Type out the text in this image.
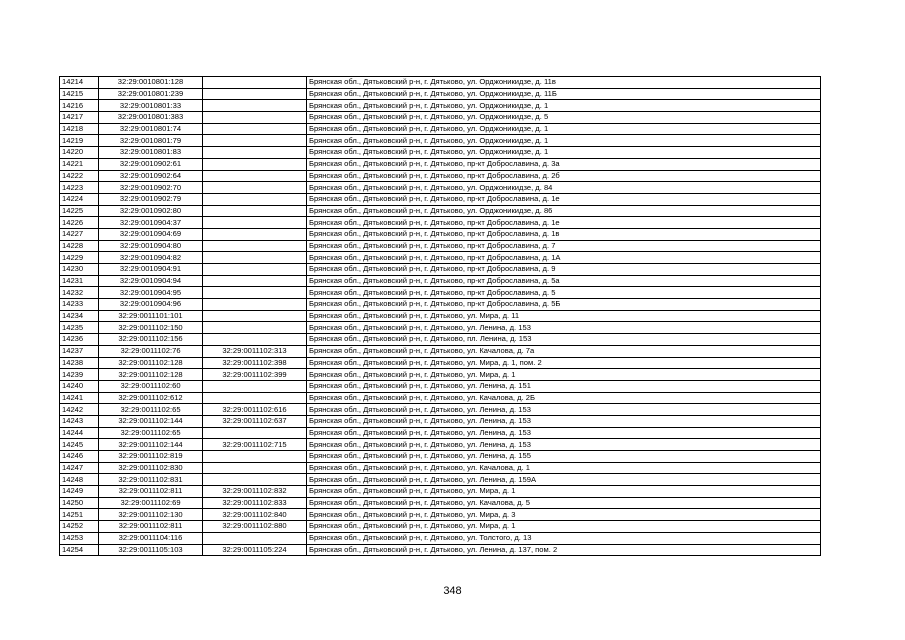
14214	32:29:0010801:128		Брянская обл., Дятьковский р-н, г. Дятьково, ул. Орджоникидзе, д. 11в
14215	32:29:0010801:239		Брянская обл., Дятьковский р-н, г. Дятьково, ул. Орджоникидзе, д. 11Б
14216	32:29:0010801:33		Брянская обл., Дятьковский р-н, г. Дятьково, ул. Орджоникидзе, д. 1
14217	32:29:0010801:383		Брянская обл., Дятьковский р-н, г. Дятьково, ул. Орджоникидзе, д. 5
14218	32:29:0010801:74		Брянская обл., Дятьковский р-н, г. Дятьково, ул. Орджоникидзе, д. 1
14219	32:29:0010801:79		Брянская обл., Дятьковский р-н, г. Дятьково, ул. Орджоникидзе, д. 1
14220	32:29:0010801:83		Брянская обл., Дятьковский р-н, г. Дятьково, ул. Орджоникидзе, д. 1
14221	32:29:0010902:61		Брянская обл., Дятьковский р-н, г. Дятьково, пр-кт Доброславина, д. 3а
14222	32:29:0010902:64		Брянская обл., Дятьковский р-н, г. Дятьково, пр-кт Доброславина, д. 2б
14223	32:29:0010902:70		Брянская обл., Дятьковский р-н, г. Дятьково, ул. Орджоникидзе, д. 84
14224	32:29:0010902:79		Брянская обл., Дятьковский р-н, г. Дятьково, пр-кт Доброславина, д. 1е
14225	32:29:0010902:80		Брянская обл., Дятьковский р-н, г. Дятьково, ул. Орджоникидзе, д. 86
14226	32:29:0010904:37		Брянская обл., Дятьковский р-н, г. Дятьково, пр-кт Доброславина, д. 1е
14227	32:29:0010904:69		Брянская обл., Дятьковский р-н, г. Дятьково, пр-кт Доброславина, д. 1в
14228	32:29:0010904:80		Брянская обл., Дятьковский р-н, г. Дятьково, пр-кт Доброславина, д. 7
14229	32:29:0010904:82		Брянская обл., Дятьковский р-н, г. Дятьково, пр-кт Доброславина, д. 1А
14230	32:29:0010904:91		Брянская обл., Дятьковский р-н, г. Дятьково, пр-кт Доброславина, д. 9
14231	32:29:0010904:94		Брянская обл., Дятьковский р-н, г. Дятьково, пр-кт Доброславина, д. 5а
14232	32:29:0010904:95		Брянская обл., Дятьковский р-н, г. Дятьково, пр-кт Доброславина, д. 5
14233	32:29:0010904:96		Брянская обл., Дятьковский р-н, г. Дятьково, пр-кт Доброславина, д. 5Б
14234	32:29:0011101:101		Брянская обл., Дятьковский р-н, г. Дятьково, ул. Мира, д. 11
14235	32:29:0011102:150		Брянская обл., Дятьковский р-н, г. Дятьково, ул. Ленина, д. 153
14236	32:29:0011102:156		Брянская обл., Дятьковский р-н, г. Дятьково, пл. Ленина, д. 153
14237	32:29:0011102:76	32:29:0011102:313	Брянская обл., Дятьковский р-н, г. Дятьково, ул. Качалова, д. 7а
14238	32:29:0011102:128	32:29:0011102:398	Брянская обл., Дятьковский р-н, г. Дятьково, ул. Мира, д. 1, пом. 2
14239	32:29:0011102:128	32:29:0011102:399	Брянская обл., Дятьковский р-н, г. Дятьково, ул. Мира, д. 1
14240	32:29:0011102:60		Брянская обл., Дятьковский р-н, г. Дятьково, ул. Ленина, д. 151
14241	32:29:0011102:612		Брянская обл., Дятьковский р-н, г. Дятьково, ул. Качалова, д. 2Б
14242	32:29:0011102:65	32:29:0011102:616	Брянская обл., Дятьковский р-н, г. Дятьково, ул. Ленина, д. 153
14243	32:29:0011102:144	32:29:0011102:637	Брянская обл., Дятьковский р-н, г. Дятьково, ул. Ленина, д. 153
14244	32:29:0011102:65		Брянская обл., Дятьковский р-н, г. Дятьково, ул. Ленина, д. 153
14245	32:29:0011102:144	32:29:0011102:715	Брянская обл., Дятьковский р-н, г. Дятьково, ул. Ленина, д. 153
14246	32:29:0011102:819		Брянская обл., Дятьковский р-н, г. Дятьково, ул. Ленина, д. 155
14247	32:29:0011102:830		Брянская обл., Дятьковский р-н, г. Дятьково, ул. Качалова, д. 1
14248	32:29:0011102:831		Брянская обл., Дятьковский р-н, г. Дятьково, ул. Ленина, д. 159А
14249	32:29:0011102:811	32:29:0011102:832	Брянская обл., Дятьковский р-н, г. Дятьково, ул. Мира, д. 1
14250	32:29:0011102:69	32:29:0011102:833	Брянская обл., Дятьковский р-н, г. Дятьково, ул. Качалова, д. 5
14251	32:29:0011102:130	32:29:0011102:840	Брянская обл., Дятьковский р-н, г. Дятьково, ул. Мира, д. 3
14252	32:29:0011102:811	32:29:0011102:880	Брянская обл., Дятьковский р-н, г. Дятьково, ул. Мира, д. 1
14253	32:29:0011104:116		Брянская обл., Дятьковский р-н, г. Дятьково, ул. Толстого, д. 13
14254	32:29:0011105:103	32:29:0011105:224	Брянская обл., Дятьковский р-н, г. Дятьково, ул. Ленина, д. 137, пом. 2
348
